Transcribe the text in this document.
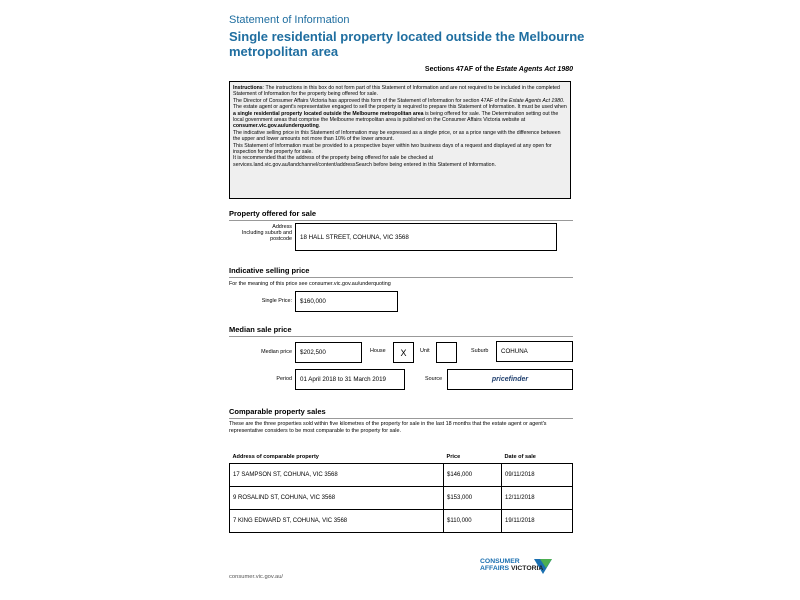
Statement of Information
Single residential property located outside the Melbourne metropolitan area
Sections 47AF of the Estate Agents Act 1980

Instructions: The instructions in this box do not form part of this Statement of Information and are not required to be included in the completed Statement of Information for the property being offered for sale.

The Director of Consumer Affairs Victoria has approved this form of the Statement of Information for section 47AF of the Estate Agents Act 1980.

The estate agent or agent's representative engaged to sell the property is required to prepare this Statement of Information. It must be used when a single residential property located outside the Melbourne metropolitan area is being offered for sale. The Determination setting out the local government areas that comprise the Melbourne metropolitan area is published on the Consumer Affairs Victoria website at consumer.vic.gov.au/underquoting.

The indicative selling price in this Statement of Information may be expressed as a single price, or as a price range with the difference between the upper and lower amounts not more than 10% of the lower amount.

This Statement of Information must be provided to a prospective buyer within two business days of a request and displayed at any open for inspection for the property for sale.

It is recommended that the address of the property being offered for sale be checked at services.land.vic.gov.au/landchannel/content/addressSearch before being entered in this Statement of Information.

Property offered for sale
Address
Including suburb and postcode	18 HALL STREET, COHUNA, VIC 3568
Indicative selling price
For the meaning of this price see consumer.vic.gov.au/underquoting
Single Price:	$160,000
Median sale price
Median price	$202,500	House	X	Unit	Suburb	COHUNA
Period	01 April 2018 to 31 March 2019	Source	pricefinder
Comparable property sales
These are the three properties sold within five kilometres of the property for sale in the last 18 months that the estate agent or agent's representative considers to be most comparable to the property for sale.
Address of comparable property	Price	Date of sale
17 SAMPSON ST, COHUNA, VIC 3568	$146,000	09/11/2018
9 ROSALIND ST, COHUNA, VIC 3568	$153,000	12/11/2018
7 KING EDWARD ST, COHUNA, VIC 3568	$110,000	19/11/2018
consumer.vic.gov.au/
CONSUMER
AFFAIRS VICTORIA
